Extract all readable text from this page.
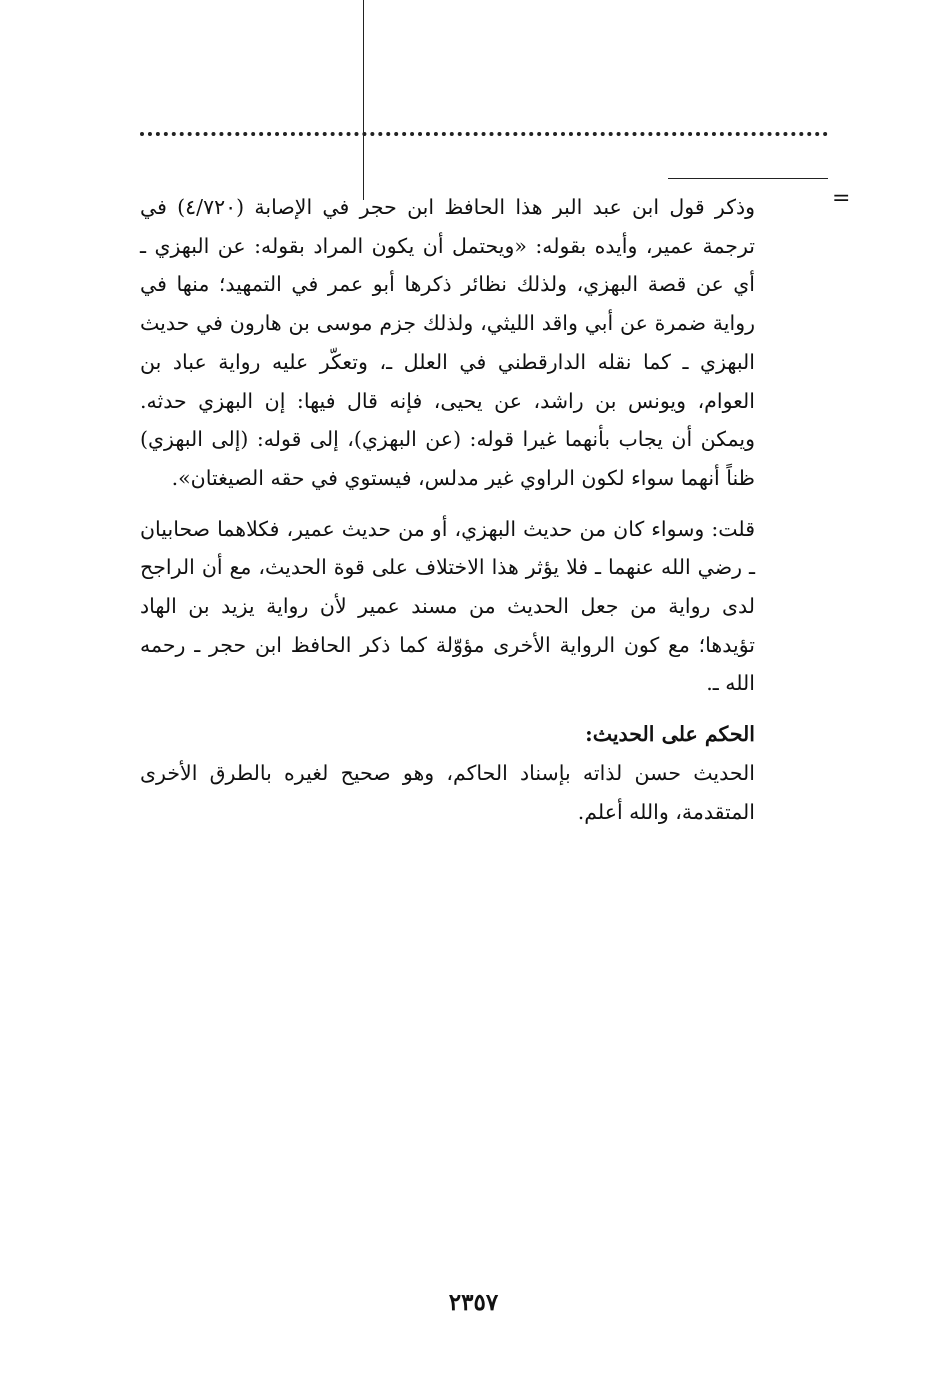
=

وذكر قول ابن عبد البر هذا الحافظ ابن حجر في الإصابة (٤/٧٢٠) في ترجمة عمير، وأيده بقوله: «ويحتمل أن يكون المراد بقوله: عن البهزي ـ أي عن قصة البهزي، ولذلك نظائر ذكرها أبو عمر في التمهيد؛ منها في رواية ضمرة عن أبي واقد الليثي، ولذلك جزم موسى بن هارون في حديث البهزي ـ كما نقله الدارقطني في العلل ـ، وتعكّر عليه رواية عباد بن العوام، ويونس بن راشد، عن يحيى، فإنه قال فيها: إن البهزي حدثه. ويمكن أن يجاب بأنهما غيرا قوله: (عن البهزي)، إلى قوله: (إلى البهزي) ظناً أنهما سواء لكون الراوي غير مدلس، فيستوي في حقه الصيغتان».

قلت: وسواء كان من حديث البهزي، أو من حديث عمير، فكلاهما صحابيان ـ رضي الله عنهما ـ فلا يؤثر هذا الاختلاف على قوة الحديث، مع أن الراجح لدى رواية من جعل الحديث من مسند عمير لأن رواية يزيد بن الهاد تؤيدها؛ مع كون الرواية الأخرى مؤوّلة كما ذكر الحافظ ابن حجر ـ رحمه الله ـ.

الحكم على الحديث:

الحديث حسن لذاته بإسناد الحاكم، وهو صحيح لغيره بالطرق الأخرى المتقدمة، والله أعلم.

٢٣٥٧
